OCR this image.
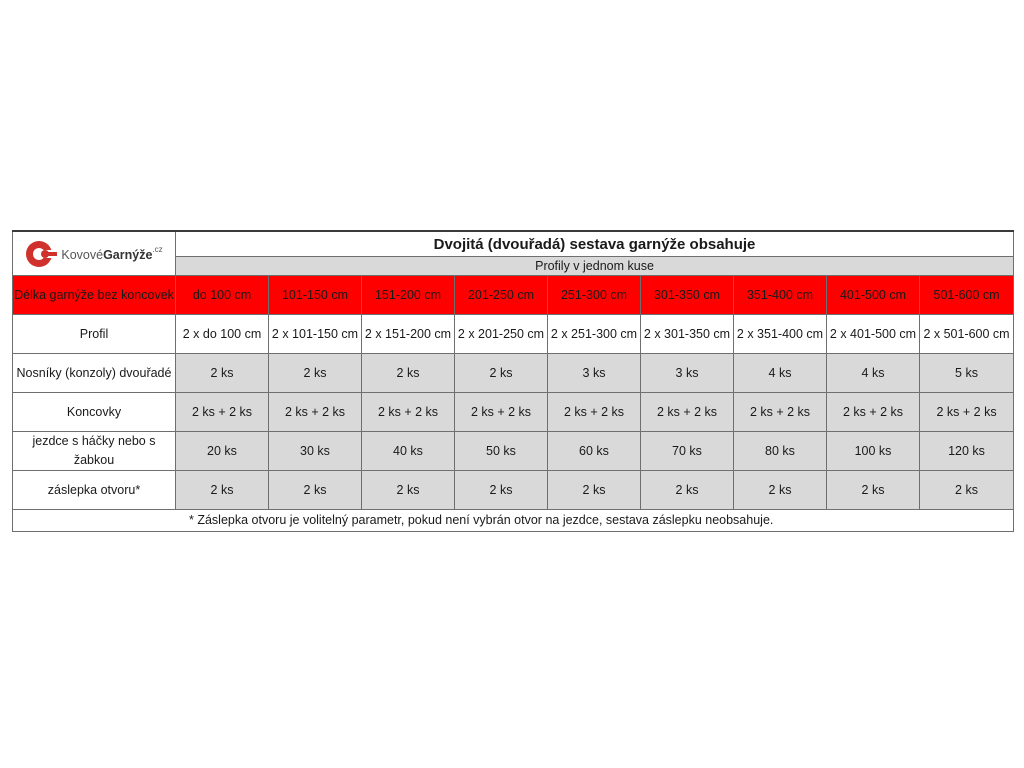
KovovéGarnýže$^{.cz}$	Dvojitá (dvouřadá) sestava garnýže obsahuje								
	Profily v jednom kuse								
Délka garnýže bez koncovek	do 100 cm	101-150 cm	151-200 cm	201-250 cm	251-300 cm	301-350 cm	351-400 cm	401-500 cm	501-600 cm
Profil	2 x do 100 cm	2 x 101-150 cm	2 x 151-200 cm	2 x 201-250 cm	2 x 251-300 cm	2 x 301-350 cm	2 x 351-400 cm	2 x 401-500 cm	2 x 501-600 cm
Nosníky (konzoly) dvouřadé	2 ks	2 ks	2 ks	2 ks	3 ks	3 ks	4 ks	4 ks	5 ks
Koncovky	2 ks + 2 ks	2 ks + 2 ks	2 ks + 2 ks	2 ks + 2 ks	2 ks + 2 ks	2 ks + 2 ks	2 ks + 2 ks	2 ks + 2 ks	2 ks + 2 ks
jezdce s háčky nebo s žabkou	20 ks	30 ks	40 ks	50 ks	60 ks	70 ks	80 ks	100 ks	120 ks
záslepka otvoru*	2 ks	2 ks	2 ks	2 ks	2 ks	2 ks	2 ks	2 ks	2 ks
* Záslepka otvoru je volitelný parametr, pokud není vybrán otvor na jezdce, sestava záslepku neobsahuje.									
